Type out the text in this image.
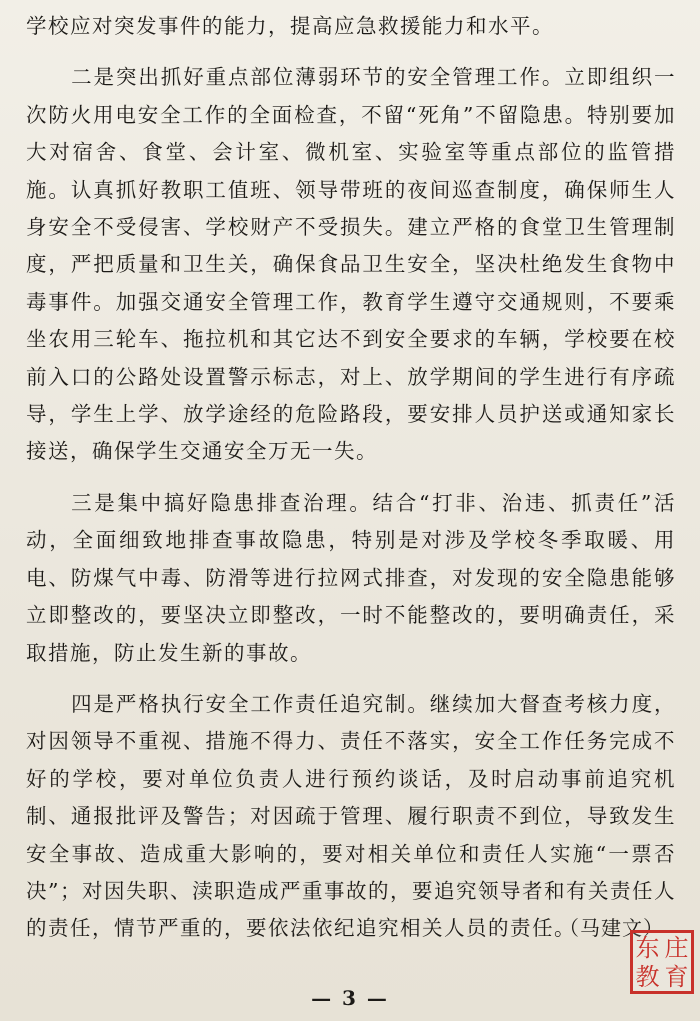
学校应对突发事件的能力，提高应急救援能力和水平。

二是突出抓好重点部位薄弱环节的安全管理工作。立即组织一次防火用电安全工作的全面检查，不留“死角”不留隐患。特别要加大对宿舍、食堂、会计室、微机室、实验室等重点部位的监管措施。认真抓好教职工值班、领导带班的夜间巡查制度，确保师生人身安全不受侵害、学校财产不受损失。建立严格的食堂卫生管理制度，严把质量和卫生关，确保食品卫生安全，坚决杜绝发生食物中毒事件。加强交通安全管理工作，教育学生遵守交通规则，不要乘坐农用三轮车、拖拉机和其它达不到安全要求的车辆，学校要在校前入口的公路处设置警示标志，对上、放学期间的学生进行有序疏导，学生上学、放学途经的危险路段，要安排人员护送或通知家长接送，确保学生交通安全万无一失。

三是集中搞好隐患排查治理。结合“打非、治违、抓责任”活动，全面细致地排查事故隐患，特别是对涉及学校冬季取暖、用电、防煤气中毒、防滑等进行拉网式排查，对发现的安全隐患能够立即整改的，要坚决立即整改，一时不能整改的，要明确责任，采取措施，防止发生新的事故。

四是严格执行安全工作责任追究制。继续加大督查考核力度，对因领导不重视、措施不得力、责任不落实，安全工作任务完成不好的学校，要对单位负责人进行预约谈话，及时启动事前追究机制、通报批评及警告；对因疏于管理、履行职责不到位，导致发生安全事故、造成重大影响的，要对相关单位和责任人实施“一票否决”；对因失职、渎职造成严重事故的，要追究领导者和有关责任人的责任，情节严重的，要依法依纪追究相关人员的责任。
（马建文）

东 庄
教 育
— 3 —
